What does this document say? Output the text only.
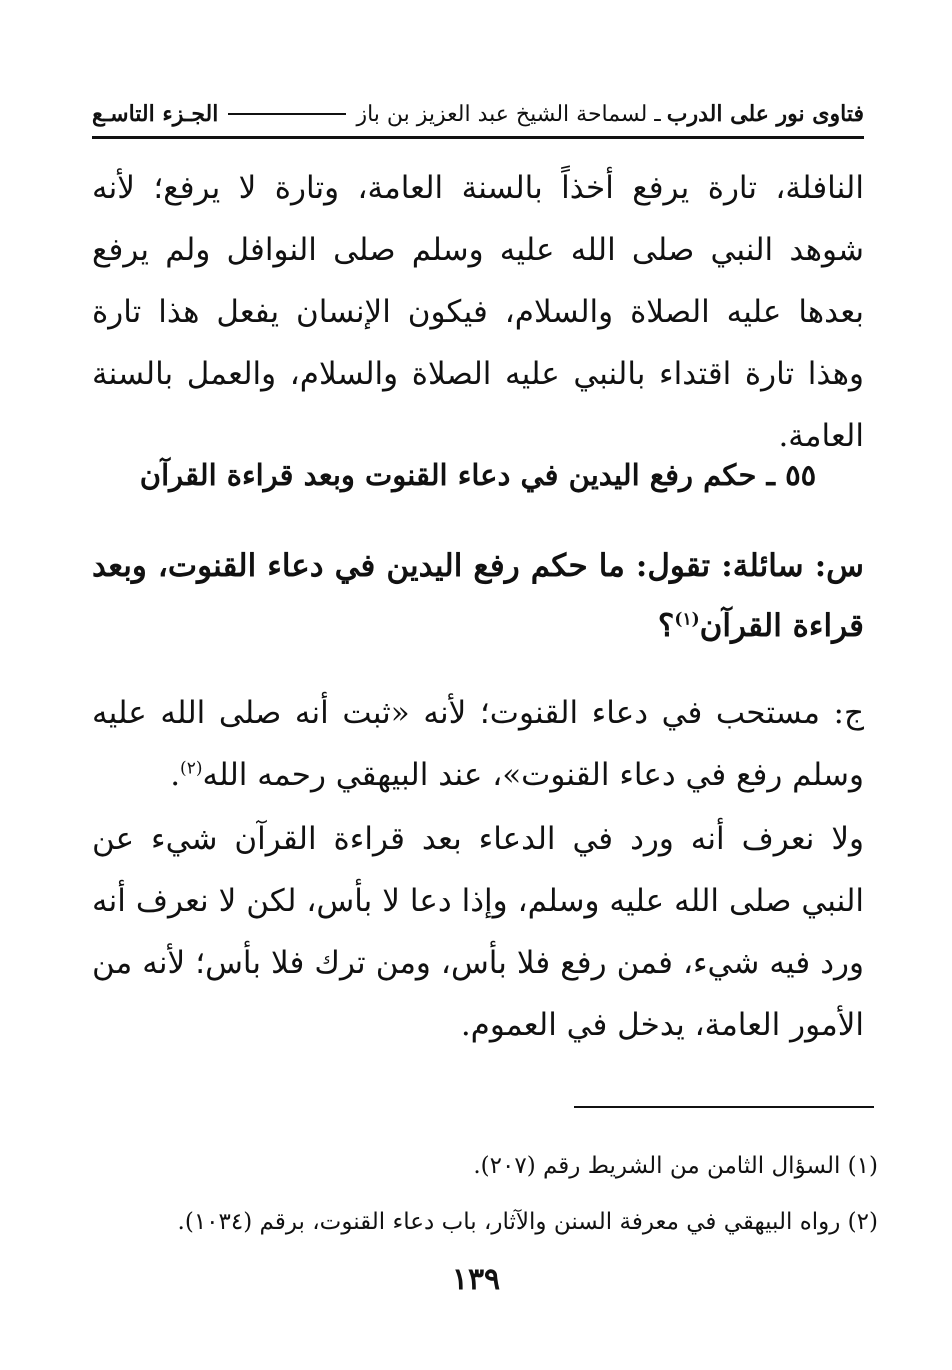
فتاوى نور على الدرب
ـ لسماحة الشيخ عبد العزيز بن باز
الجـزء التاسـع

النافلة، تارة يرفع أخذاً بالسنة العامة، وتارة لا يرفع؛ لأنه شوهد النبي صلى الله عليه وسلم صلى النوافل ولم يرفع بعدها عليه الصلاة والسلام، فيكون الإنسان يفعل هذا تارة وهذا تارة اقتداء بالنبي عليه الصلاة والسلام، والعمل بالسنة العامة.

٥٥ ـ حكم رفع اليدين في دعاء القنوت وبعد قراءة القرآن

س: سائلة: تقول: ما حكم رفع اليدين في دعاء القنوت، وبعد قراءة القرآن$^{(١)}$؟

ج: مستحب في دعاء القنوت؛ لأنه «ثبت أنه صلى الله عليه وسلم رفع في دعاء القنوت»، عند البيهقي رحمه الله$^{(٢)}$.

ولا نعرف أنه ورد في الدعاء بعد قراءة القرآن شيء عن النبي صلى الله عليه وسلم، وإذا دعا لا بأس، لكن لا نعرف أنه ورد فيه شيء، فمن رفع فلا بأس، ومن ترك فلا بأس؛ لأنه من الأمور العامة، يدخل في العموم.

(١) السؤال الثامن من الشريط رقم (٢٠٧).
(٢) رواه البيهقي في معرفة السنن والآثار، باب دعاء القنوت، برقم (١٠٣٤).
١٣٩
